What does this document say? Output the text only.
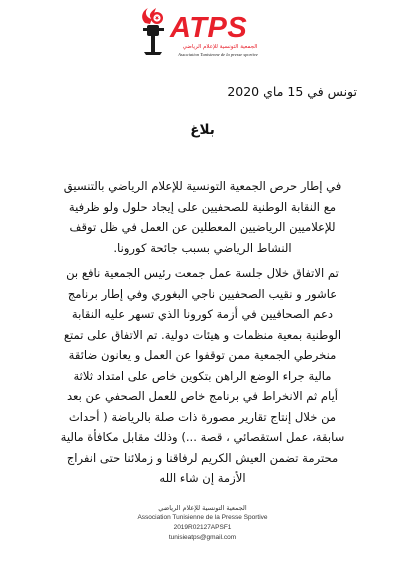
ATPS
الجمعية التونسية للإعلام الرياضي
Association Tunisienne de la presse sportive
تونس في 15 ماي 2020
بلاغ
في إطار حرص الجمعية التونسية للإعلام الرياضي بالتنسيق
مع النقابة الوطنية للصحفيين على إيجاد حلول ولو ظرفية
للإعلاميين الرياضيين المعطلين عن العمل في ظل توقف
النشاط الرياضي بسبب جائحة كورونا.
تم الاتفاق خلال جلسة عمل جمعت رئيس الجمعية نافع بن
عاشور و نقيب الصحفيين ناجي البغوري وفي إطار برنامج
دعم الصحافيين في أزمة كورونا الذي تسهر عليه النقابة
الوطنية بمعية منظمات و هيئات دولية. تم الاتفاق على تمتع
منخرطي الجمعية ممن توقفوا عن العمل و يعانون ضائقة
مالية جراء الوضع الراهن بتكوين خاص على امتداد ثلاثة
أيام ثم الانخراط في برنامج خاص للعمل الصحفي عن بعد
من خلال إنتاج تقارير مصورة ذات صلة بالرياضة ( أحداث
سابقة، عمل استقصائي ، قصة ...) وذلك مقابل مكافأة مالية
محترمة تضمن العيش الكريم لرفاقنا و زملائنا حتى انفراج
الأزمة إن شاء الله
الجمعية التونسية للإعلام الرياضي
Association Tunisienne de la Presse Sportive
2019R02127APSF1
tunisieatps@gmail.com
